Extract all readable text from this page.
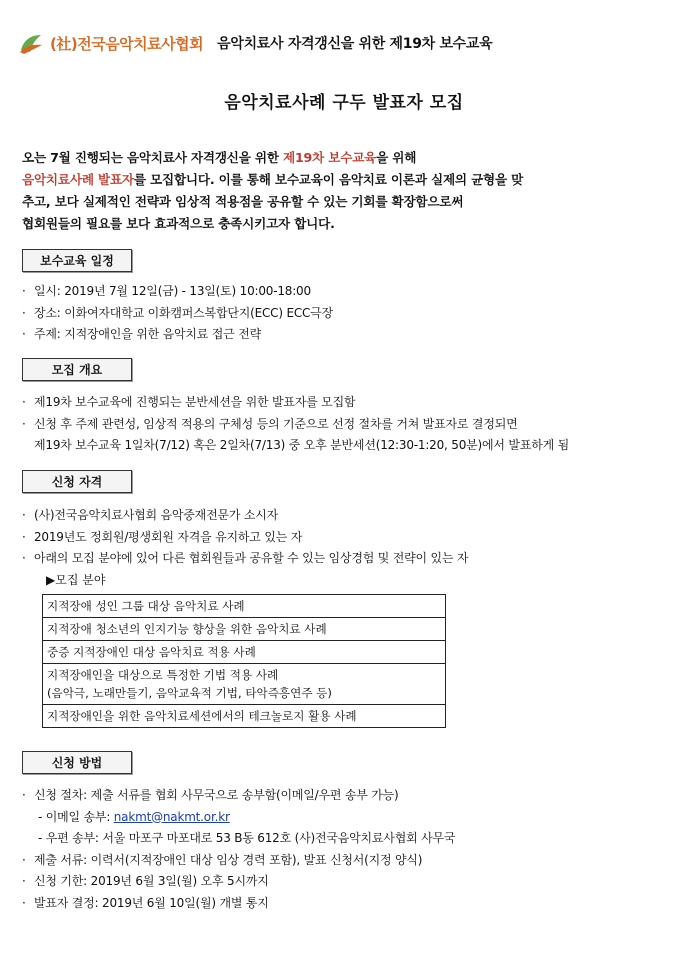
(社)전국음악치료사협회 음악치료사 자격갱신을 위한 제19차 보수교육
음악치료사례 구두 발표자 모집

오는 7월 진행되는 음악치료사 자격갱신을 위한 제19차 보수교육을 위해

음악치료사례 발표자를 모집합니다. 이를 통해 보수교육이 음악치료 이론과 실제의 균형을 맞

추고, 보다 실제적인 전략과 임상적 적용점을 공유할 수 있는 기회를 확장함으로써

협회원들의 필요를 보다 효과적으로 충족시키고자 합니다.

보수교육 일정
· 일시: 2019년 7월 12일(금) - 13일(토) 10:00-18:00
· 장소: 이화여자대학교 이화캠퍼스복합단지(ECC) ECC극장
· 주제: 지적장애인을 위한 음악치료 접근 전략
모집 개요
· 제19차 보수교육에 진행되는 분반세션을 위한 발표자를 모집함
· 신청 후 주제 관련성, 임상적 적용의 구체성 등의 기준으로 선정 절차를 거쳐 발표자로 결정되면
제19차 보수교육 1일차(7/12) 혹은 2일차(7/13) 중 오후 분반세션(12:30-1:20, 50분)에서 발표하게 됨
신청 자격
· (사)전국음악치료사협회 음악중재전문가 소시자
· 2019년도 정회원/평생회원 자격을 유지하고 있는 자
· 아래의 모집 분야에 있어 다른 협회원들과 공유할 수 있는 임상경험 및 전략이 있는 자
▶모집 분야
지적장애 성인 그룹 대상 음악치료 사례
지적장애 청소년의 인지기능 향상을 위한 음악치료 사례
중증 지적장애인 대상 음악치료 적용 사례

지적장애인을 대상으로 특정한 기법 적용 사례
(음악극, 노래만들기, 음악교육적 기법, 타악즉흥연주 등)

지적장애인을 위한 음악치료세션에서의 테크놀로지 활용 사례
신청 방법
· 신청 절차: 제출 서류를 협회 사무국으로 송부함(이메일/우편 송부 가능)
- 이메일 송부: nakmt@nakmt.or.kr
- 우편 송부: 서울 마포구 마포대로 53 B동 612호 (사)전국음악치료사협회 사무국
· 제출 서류: 이력서(지적장애인 대상 임상 경력 포함), 발표 신청서(지정 양식)
· 신청 기한: 2019년 6월 3일(월) 오후 5시까지
· 발표자 결정: 2019년 6월 10일(월) 개별 통지
